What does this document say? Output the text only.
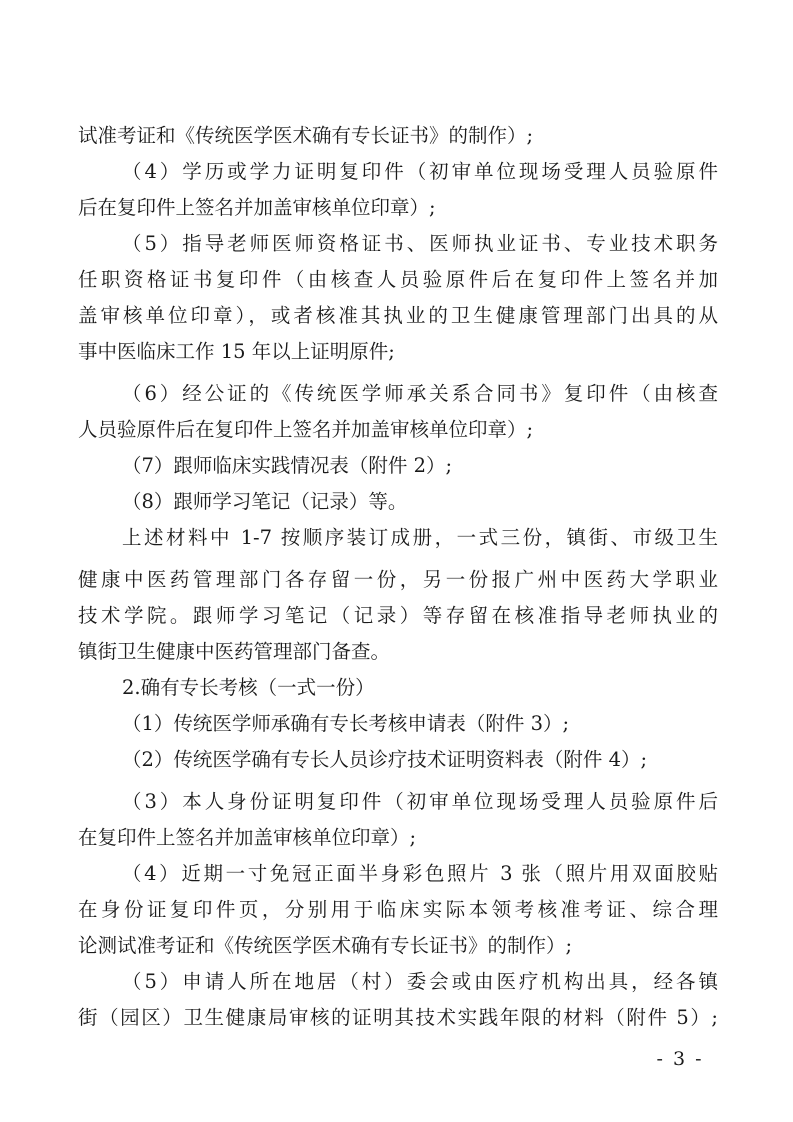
试准考证和《传统医学医术确有专长证书》的制作）;
（4）学历或学力证明复印件（初审单位现场受理人员验原件
后在复印件上签名并加盖审核单位印章）;
（5）指导老师医师资格证书、医师执业证书、专业技术职务
任职资格证书复印件（由核查人员验原件后在复印件上签名并加
盖审核单位印章），或者核准其执业的卫生健康管理部门出具的从
事中医临床工作 15 年以上证明原件;
（6）经公证的《传统医学师承关系合同书》复印件（由核查
人员验原件后在复印件上签名并加盖审核单位印章）;
（7）跟师临床实践情况表（附件 2）;
（8）跟师学习笔记（记录）等。
上述材料中 1-7 按顺序装订成册，一式三份，镇街、市级卫生
健康中医药管理部门各存留一份，另一份报广州中医药大学职业
技术学院。跟师学习笔记（记录）等存留在核准指导老师执业的
镇街卫生健康中医药管理部门备查。
2.确有专长考核（一式一份）
（1）传统医学师承确有专长考核申请表（附件 3）;
（2）传统医学确有专长人员诊疗技术证明资料表（附件 4）;
（3）本人身份证明复印件（初审单位现场受理人员验原件后
在复印件上签名并加盖审核单位印章）;
（4）近期一寸免冠正面半身彩色照片 3 张（照片用双面胶贴
在身份证复印件页，分别用于临床实际本领考核准考证、综合理
论测试准考证和《传统医学医术确有专长证书》的制作）;
（5）申请人所在地居（村）委会或由医疗机构出具，经各镇
街（园区）卫生健康局审核的证明其技术实践年限的材料（附件 5）;
- 3 -
